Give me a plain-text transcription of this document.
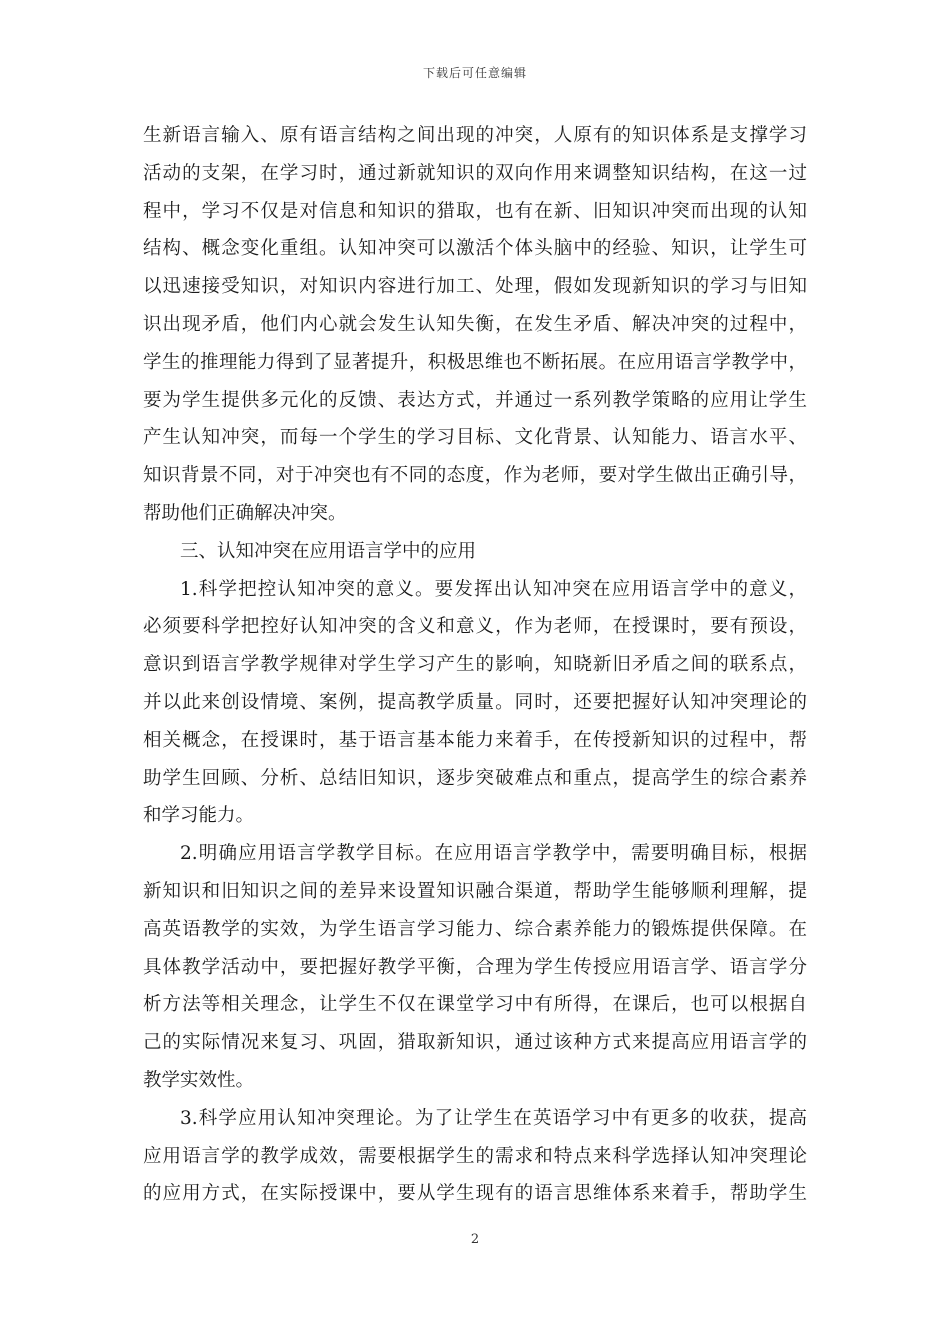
下载后可任意编辑
生新语言输入、原有语言结构之间出现的冲突，人原有的知识体系是支撑学习
活动的支架，在学习时，通过新就知识的双向作用来调整知识结构，在这一过
程中，学习不仅是对信息和知识的猎取，也有在新、旧知识冲突而出现的认知
结构、概念变化重组。认知冲突可以激活个体头脑中的经验、知识，让学生可
以迅速接受知识，对知识内容进行加工、处理，假如发现新知识的学习与旧知
识出现矛盾，他们内心就会发生认知失衡，在发生矛盾、解决冲突的过程中，
学生的推理能力得到了显著提升，积极思维也不断拓展。在应用语言学教学中，
要为学生提供多元化的反馈、表达方式，并通过一系列教学策略的应用让学生
产生认知冲突，而每一个学生的学习目标、文化背景、认知能力、语言水平、
知识背景不同，对于冲突也有不同的态度，作为老师，要对学生做出正确引导，
帮助他们正确解决冲突。
三、认知冲突在应用语言学中的应用
1.科学把控认知冲突的意义。要发挥出认知冲突在应用语言学中的意义，
必须要科学把控好认知冲突的含义和意义，作为老师，在授课时，要有预设，
意识到语言学教学规律对学生学习产生的影响，知晓新旧矛盾之间的联系点，
并以此来创设情境、案例，提高教学质量。同时，还要把握好认知冲突理论的
相关概念，在授课时，基于语言基本能力来着手，在传授新知识的过程中，帮
助学生回顾、分析、总结旧知识，逐步突破难点和重点，提高学生的综合素养
和学习能力。
2.明确应用语言学教学目标。在应用语言学教学中，需要明确目标，根据
新知识和旧知识之间的差异来设置知识融合渠道，帮助学生能够顺利理解，提
高英语教学的实效，为学生语言学习能力、综合素养能力的锻炼提供保障。在
具体教学活动中，要把握好教学平衡，合理为学生传授应用语言学、语言学分
析方法等相关理念，让学生不仅在课堂学习中有所得，在课后，也可以根据自
己的实际情况来复习、巩固，猎取新知识，通过该种方式来提高应用语言学的
教学实效性。
3.科学应用认知冲突理论。为了让学生在英语学习中有更多的收获，提高
应用语言学的教学成效，需要根据学生的需求和特点来科学选择认知冲突理论
的应用方式，在实际授课中，要从学生现有的语言思维体系来着手，帮助学生
2
